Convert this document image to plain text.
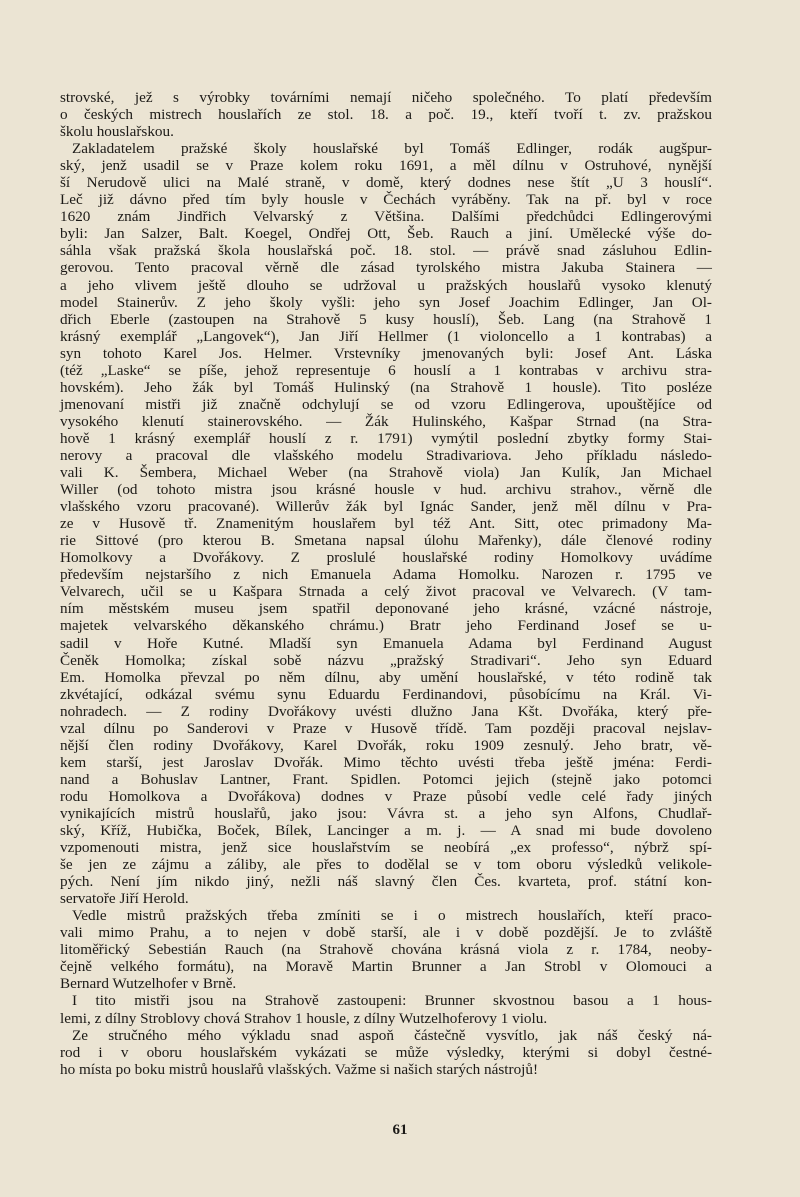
strovské, jež s výrobky továrními nemají ničeho společného. To platí především
o českých mistrech houslařích ze stol. 18. a poč. 19., kteří tvoří t. zv. pražskou
školu houslařskou.
Zakladatelem pražské školy houslařské byl Tomáš Edlinger, rodák augšpur-
ský, jenž usadil se v Praze kolem roku 1691, a měl dílnu v Ostruhové, nynější
ší Nerudově ulici na Malé straně, v domě, který dodnes nese štít „U 3 houslí“.
Leč již dávno před tím byly housle v Čechách vyráběny. Tak na př. byl v roce
1620 znám Jindřich Velvarský z Většina. Dalšími předchůdci Edlingerovými
byli: Jan Salzer, Balt. Koegel, Ondřej Ott, Šeb. Rauch a jiní. Umělecké výše do-
sáhla však pražská škola houslařská poč. 18. stol. — právě snad zásluhou Edlin-
gerovou. Tento pracoval věrně dle zásad tyrolského mistra Jakuba Stainera —
a jeho vlivem ještě dlouho se udržoval u pražských houslařů vysoko klenutý
model Stainerův. Z jeho školy vyšli: jeho syn Josef Joachim Edlinger, Jan Ol-
dřich Eberle (zastoupen na Strahově 5 kusy houslí), Šeb. Lang (na Strahově 1
krásný exemplář „Langovek“), Jan Jiří Hellmer (1 violoncello a 1 kontrabas) a
syn tohoto Karel Jos. Helmer. Vrstevníky jmenovaných byli: Josef Ant. Láska
(též „Laske“ se píše, jehož representuje 6 houslí a 1 kontrabas v archivu stra-
hovském). Jeho žák byl Tomáš Hulinský (na Strahově 1 housle). Tito posléze
jmenovaní mistři již značně odchylují se od vzoru Edlingerova, upouštějíce od
vysokého klenutí stainerovského. — Žák Hulinského, Kašpar Strnad (na Stra-
hově 1 krásný exemplář houslí z r. 1791) vymýtil poslední zbytky formy Stai-
nerovy a pracoval dle vlašského modelu Stradivariova. Jeho příkladu následo-
vali K. Šembera, Michael Weber (na Strahově viola) Jan Kulík, Jan Michael
Willer (od tohoto mistra jsou krásné housle v hud. archivu strahov., věrně dle
vlašského vzoru pracované). Willerův žák byl Ignác Sander, jenž měl dílnu v Pra-
ze v Husově tř. Znamenitým houslařem byl též Ant. Sitt, otec primadony Ma-
rie Sittové (pro kterou B. Smetana napsal úlohu Mařenky), dále členové rodiny
Homolkovy a Dvořákovy. Z proslulé houslařské rodiny Homolkovy uvádíme
především nejstaršího z nich Emanuela Adama Homolku. Narozen r. 1795 ve
Velvarech, učil se u Kašpara Strnada a celý život pracoval ve Velvarech. (V tam-
ním městském museu jsem spatřil deponované jeho krásné, vzácné nástroje,
majetek velvarského děkanského chrámu.) Bratr jeho Ferdinand Josef se u-
sadil v Hoře Kutné. Mladší syn Emanuela Adama byl Ferdinand August
Čeněk Homolka; získal sobě názvu „pražský Stradivari“. Jeho syn Eduard
Em. Homolka převzal po něm dílnu, aby umění houslařské, v této rodině tak
zkvétající, odkázal svému synu Eduardu Ferdinandovi, působícímu na Král. Vi-
nohradech. — Z rodiny Dvořákovy uvésti dlužno Jana Kšt. Dvořáka, který pře-
vzal dílnu po Sanderovi v Praze v Husově třídě. Tam později pracoval nejslav-
nější člen rodiny Dvořákovy, Karel Dvořák, roku 1909 zesnulý. Jeho bratr, vě-
kem starší, jest Jaroslav Dvořák. Mimo těchto uvésti třeba ještě jména: Ferdi-
nand a Bohuslav Lantner, Frant. Spidlen. Potomci jejich (stejně jako potomci
rodu Homolkova a Dvořákova) dodnes v Praze působí vedle celé řady jiných
vynikajících mistrů houslařů, jako jsou: Vávra st. a jeho syn Alfons, Chudlař-
ský, Kříž, Hubička, Boček, Bílek, Lancinger a m. j. — A snad mi bude dovoleno
vzpomenouti mistra, jenž sice houslařstvím se neobírá „ex professo“, nýbrž spí-
še jen ze zájmu a záliby, ale přes to dodělal se v tom oboru výsledků velikole-
pých. Není jím nikdo jiný, nežli náš slavný člen Čes. kvarteta, prof. státní kon-
servatoře Jiří Herold.
Vedle mistrů pražských třeba zmíniti se i o mistrech houslařích, kteří praco-
vali mimo Prahu, a to nejen v době starší, ale i v době pozdější. Je to zvláště
litoměřický Sebestián Rauch (na Strahově chována krásná viola z r. 1784, neoby-
čejně velkého formátu), na Moravě Martin Brunner a Jan Strobl v Olomouci a
Bernard Wutzelhofer v Brně.
I tito mistři jsou na Strahově zastoupeni: Brunner skvostnou basou a 1 hous-
lemi, z dílny Stroblovy chová Strahov 1 housle, z dílny Wutzelhoferovy 1 violu.
Ze stručného mého výkladu snad aspoň částečně vysvítlo, jak náš český ná-
rod i v oboru houslařském vykázati se může výsledky, kterými si dobyl čestné-
ho místa po boku mistrů houslařů vlašských. Važme si našich starých nástrojů!
61
